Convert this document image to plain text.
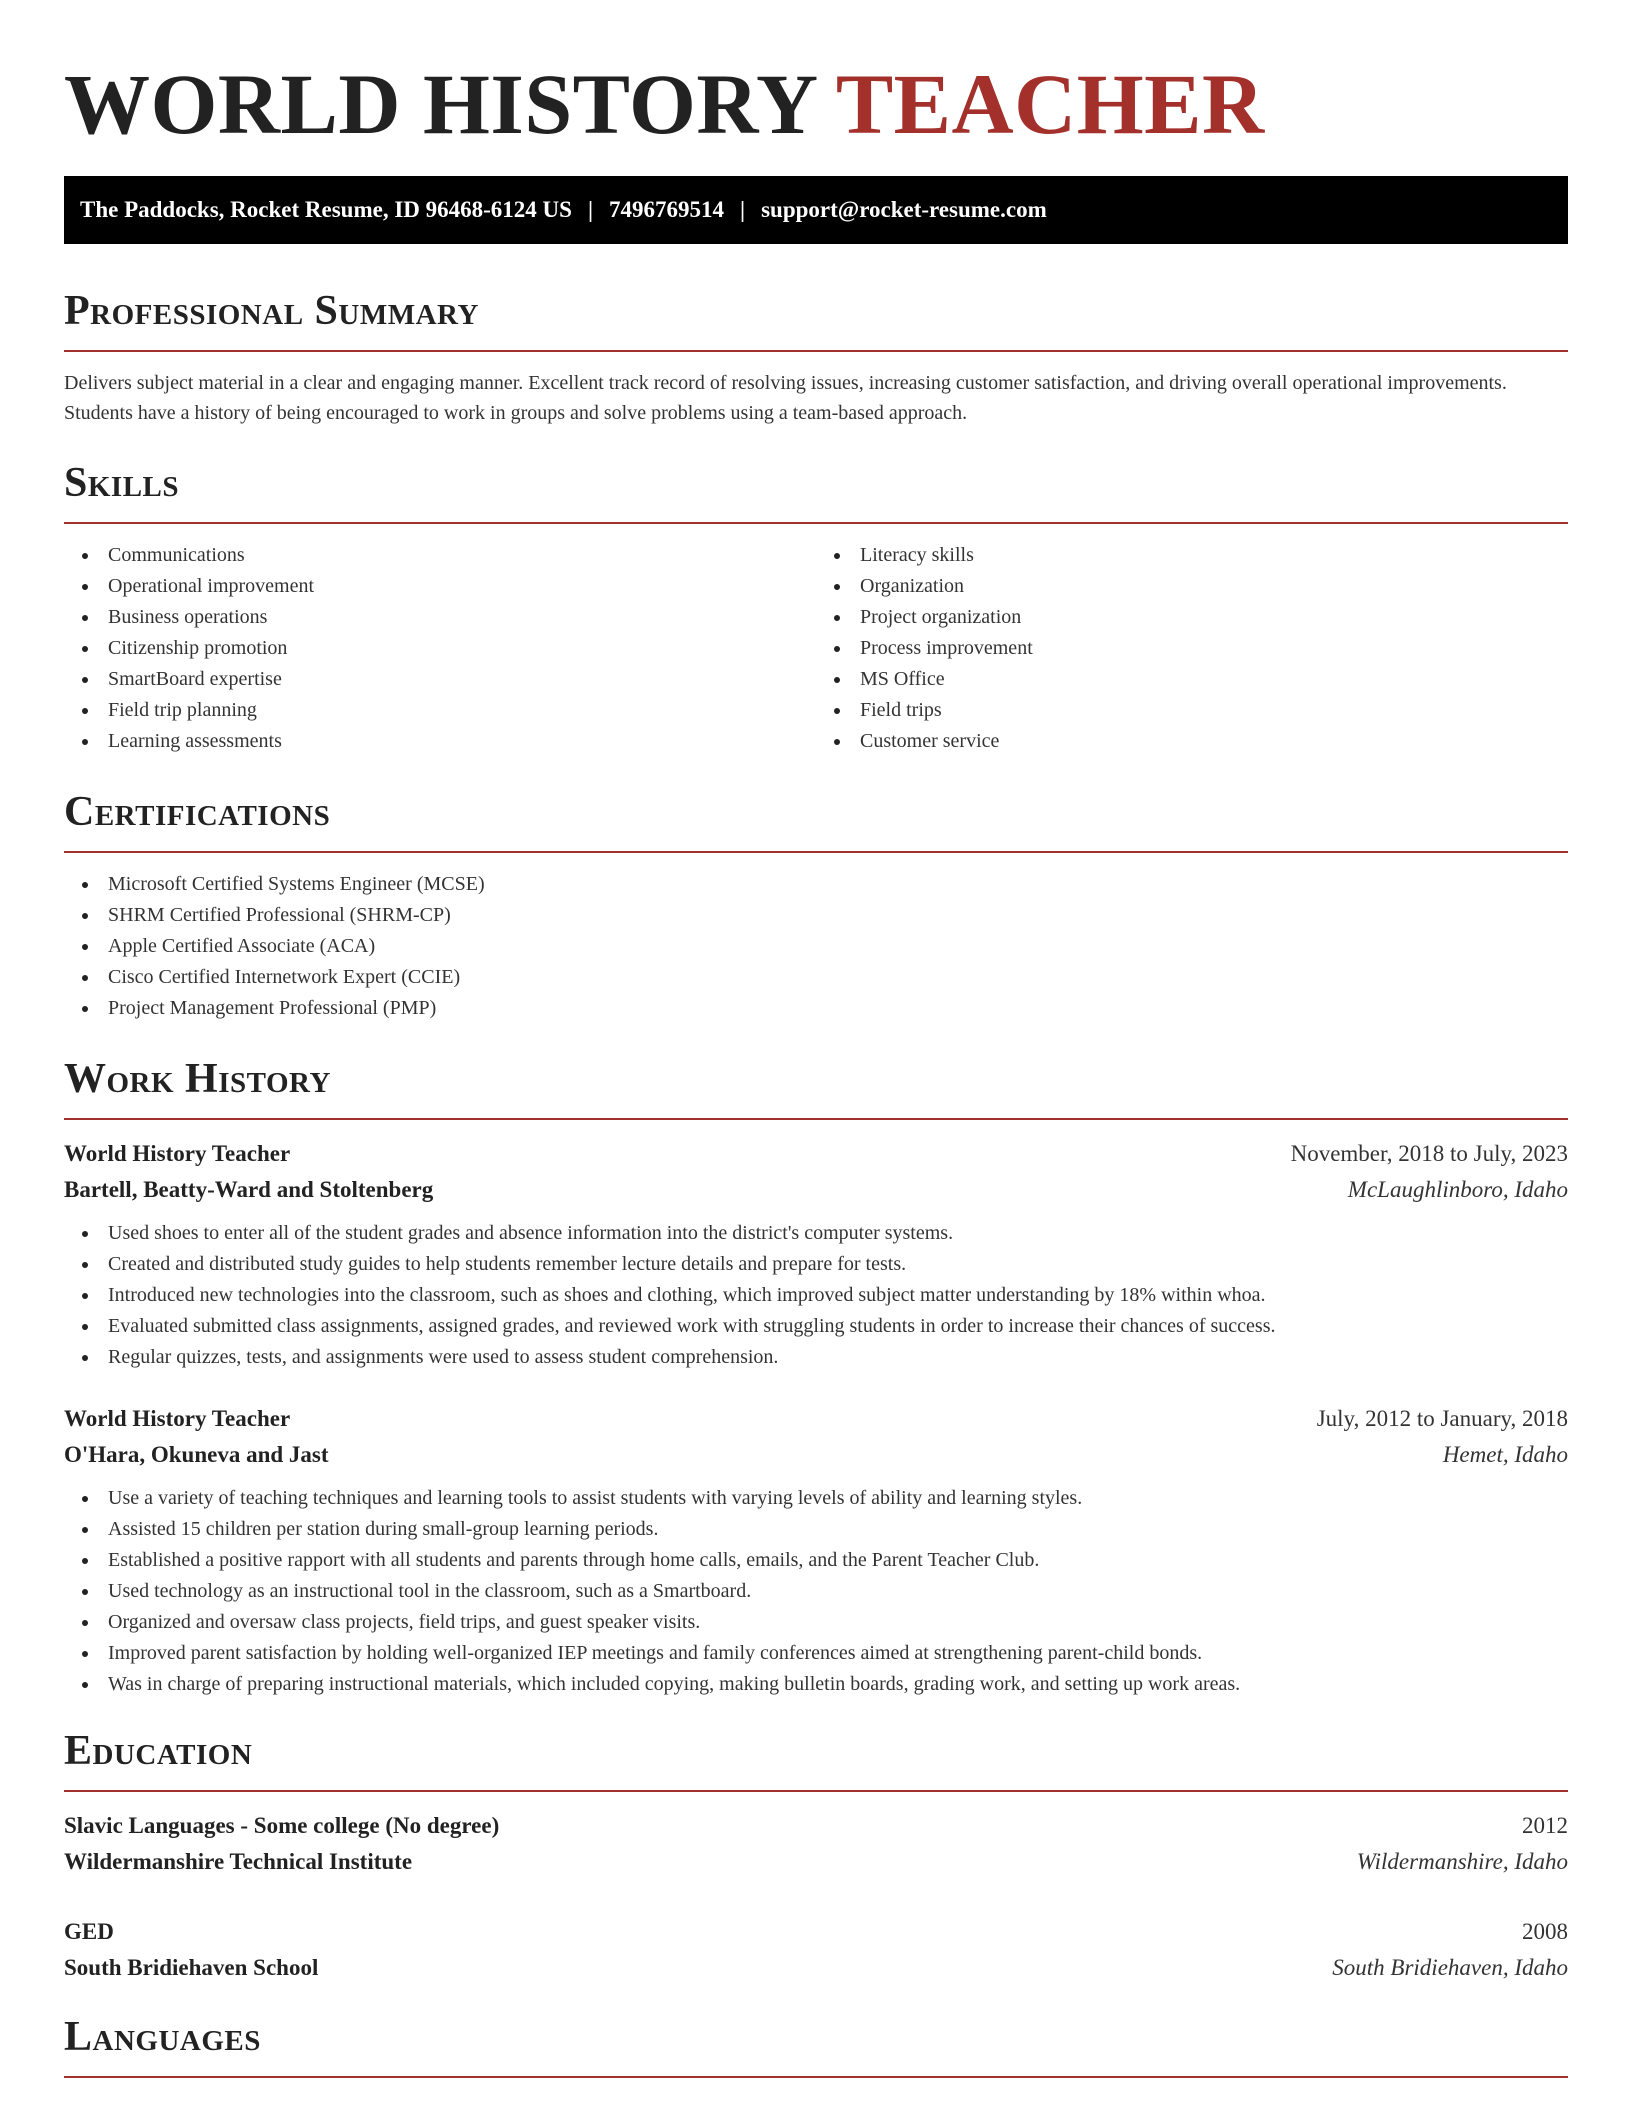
WORLD HISTORY TEACHER
The Paddocks, Rocket Resume, ID 96468-6124 US | 7496769514 | support@rocket-resume.com
Professional Summary

Delivers subject material in a clear and engaging manner. Excellent track record of resolving issues, increasing customer satisfaction, and driving overall operational improvements. Students have a history of being encouraged to work in groups and solve problems using a team-based approach.

Skills
Communications
Operational improvement
Business operations
Citizenship promotion
SmartBoard expertise
Field trip planning
Learning assessments
Literacy skills
Organization
Project organization
Process improvement
MS Office
Field trips
Customer service
Certifications
Microsoft Certified Systems Engineer (MCSE)
SHRM Certified Professional (SHRM-CP)
Apple Certified Associate (ACA)
Cisco Certified Internetwork Expert (CCIE)
Project Management Professional (PMP)
Work History
World History Teacher	November, 2018 to July, 2023
Bartell, Beatty-Ward and Stoltenberg	McLaughlinboro, Idaho
Used shoes to enter all of the student grades and absence information into the district's computer systems.
Created and distributed study guides to help students remember lecture details and prepare for tests.
Introduced new technologies into the classroom, such as shoes and clothing, which improved subject matter understanding by 18% within whoa.
Evaluated submitted class assignments, assigned grades, and reviewed work with struggling students in order to increase their chances of success.
Regular quizzes, tests, and assignments were used to assess student comprehension.
World History Teacher	July, 2012 to January, 2018
O'Hara, Okuneva and Jast	Hemet, Idaho
Use a variety of teaching techniques and learning tools to assist students with varying levels of ability and learning styles.
Assisted 15 children per station during small-group learning periods.
Established a positive rapport with all students and parents through home calls, emails, and the Parent Teacher Club.
Used technology as an instructional tool in the classroom, such as a Smartboard.
Organized and oversaw class projects, field trips, and guest speaker visits.
Improved parent satisfaction by holding well-organized IEP meetings and family conferences aimed at strengthening parent-child bonds.
Was in charge of preparing instructional materials, which included copying, making bulletin boards, grading work, and setting up work areas.
Education
Slavic Languages - Some college (No degree)	2012
Wildermanshire Technical Institute	Wildermanshire, Idaho
GED	2008
South Bridiehaven School	South Bridiehaven, Idaho
Languages
